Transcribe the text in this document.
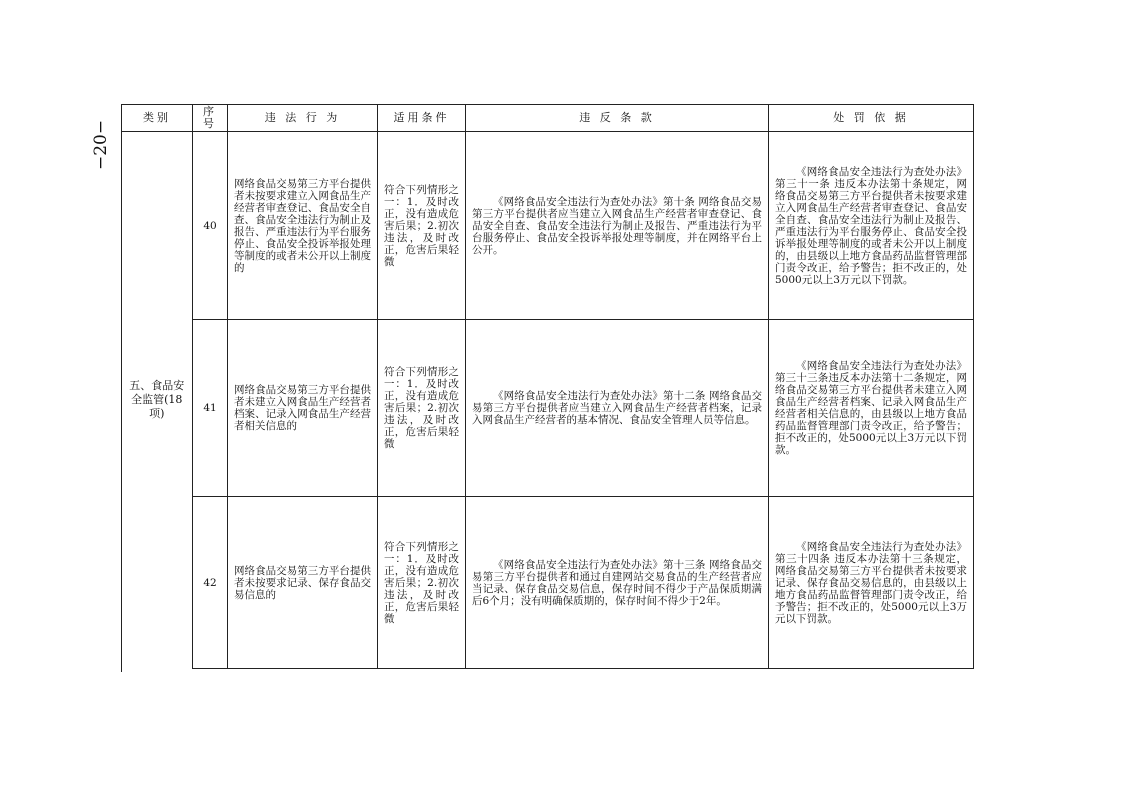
−20−
类别	序号	违 法 行 为	适用条件	违 反 条 款	处 罚 依 据
五、食品安全监管(18项)	40	网络食品交易第三方平台提供者未按要求建立入网食品生产经营者审查登记、食品安全自查、食品安全违法行为制止及报告、严重违法行为平台服务停止、食品安全投诉举报处理等制度的或者未公开以上制度的	符合下列情形之一：1．及时改正，没有造成危害后果；2.初次违法，及时改正，危害后果轻微	《网络食品安全违法行为查处办法》第十条 网络食品交易第三方平台提供者应当建立入网食品生产经营者审查登记、食品安全自查、食品安全违法行为制止及报告、严重违法行为平台服务停止、食品安全投诉举报处理等制度，并在网络平台上公开。	《网络食品安全违法行为查处办法》第三十一条 违反本办法第十条规定，网络食品交易第三方平台提供者未按要求建立入网食品生产经营者审查登记、食品安全自查、食品安全违法行为制止及报告、严重违法行为平台服务停止、食品安全投诉举报处理等制度的或者未公开以上制度的，由县级以上地方食品药品监督管理部门责令改正，给予警告；拒不改正的，处5000元以上3万元以下罚款。
	41	网络食品交易第三方平台提供者未建立入网食品生产经营者档案、记录入网食品生产经营者相关信息的	符合下列情形之一：1．及时改正，没有造成危害后果；2.初次违法，及时改正，危害后果轻微	《网络食品安全违法行为查处办法》第十二条 网络食品交易第三方平台提供者应当建立入网食品生产经营者档案，记录入网食品生产经营者的基本情况、食品安全管理人员等信息。	《网络食品安全违法行为查处办法》第三十三条违反本办法第十二条规定，网络食品交易第三方平台提供者未建立入网食品生产经营者档案、记录入网食品生产经营者相关信息的，由县级以上地方食品药品监督管理部门责令改正，给予警告；拒不改正的，处5000元以上3万元以下罚款。
	42	网络食品交易第三方平台提供者未按要求记录、保存食品交易信息的	符合下列情形之一：1．及时改正，没有造成危害后果；2.初次违法，及时改正，危害后果轻微	《网络食品安全违法行为查处办法》第十三条 网络食品交易第三方平台提供者和通过自建网站交易食品的生产经营者应当记录、保存食品交易信息，保存时间不得少于产品保质期满后6个月；没有明确保质期的，保存时间不得少于2年。	《网络食品安全违法行为查处办法》第三十四条 违反本办法第十三条规定，网络食品交易第三方平台提供者未按要求记录、保存食品交易信息的，由县级以上地方食品药品监督管理部门责令改正，给予警告；拒不改正的，处5000元以上3万元以下罚款。
